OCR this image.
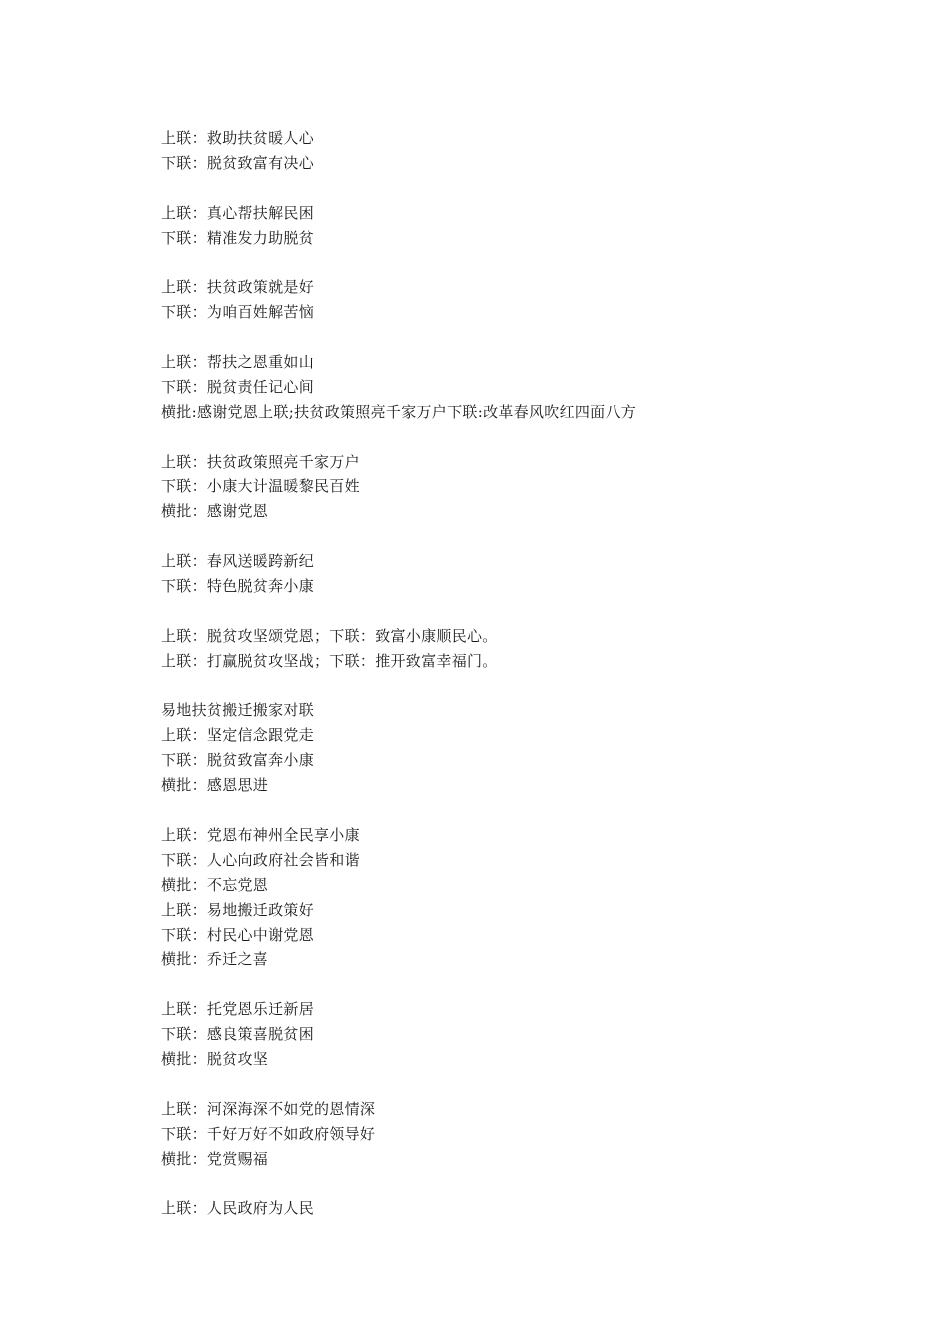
上联：救助扶贫暖人心
下联：脱贫致富有决心
上联：真心帮扶解民困
下联：精准发力助脱贫
上联：扶贫政策就是好
下联：为咱百姓解苦恼
上联：帮扶之恩重如山
下联：脱贫责任记心间
横批:感谢党恩上联;扶贫政策照亮千家万户下联:改革春风吹红四面八方
上联：扶贫政策照亮千家万户
下联：小康大计温暖黎民百姓
横批：感谢党恩
上联：春风送暖跨新纪
下联：特色脱贫奔小康
上联：脱贫攻坚颂党恩；下联：致富小康顺民心。
上联：打赢脱贫攻坚战；下联：推开致富幸福门。
易地扶贫搬迁搬家对联
上联：坚定信念跟党走
下联：脱贫致富奔小康
横批：感恩思进
上联：党恩布神州全民享小康
下联：人心向政府社会皆和谐
横批：不忘党恩
上联：易地搬迁政策好
下联：村民心中谢党恩
横批：乔迁之喜
上联：托党恩乐迁新居
下联：感良策喜脱贫困
横批：脱贫攻坚
上联：河深海深不如党的恩情深
下联：千好万好不如政府领导好
横批：党赏赐福
上联：人民政府为人民
